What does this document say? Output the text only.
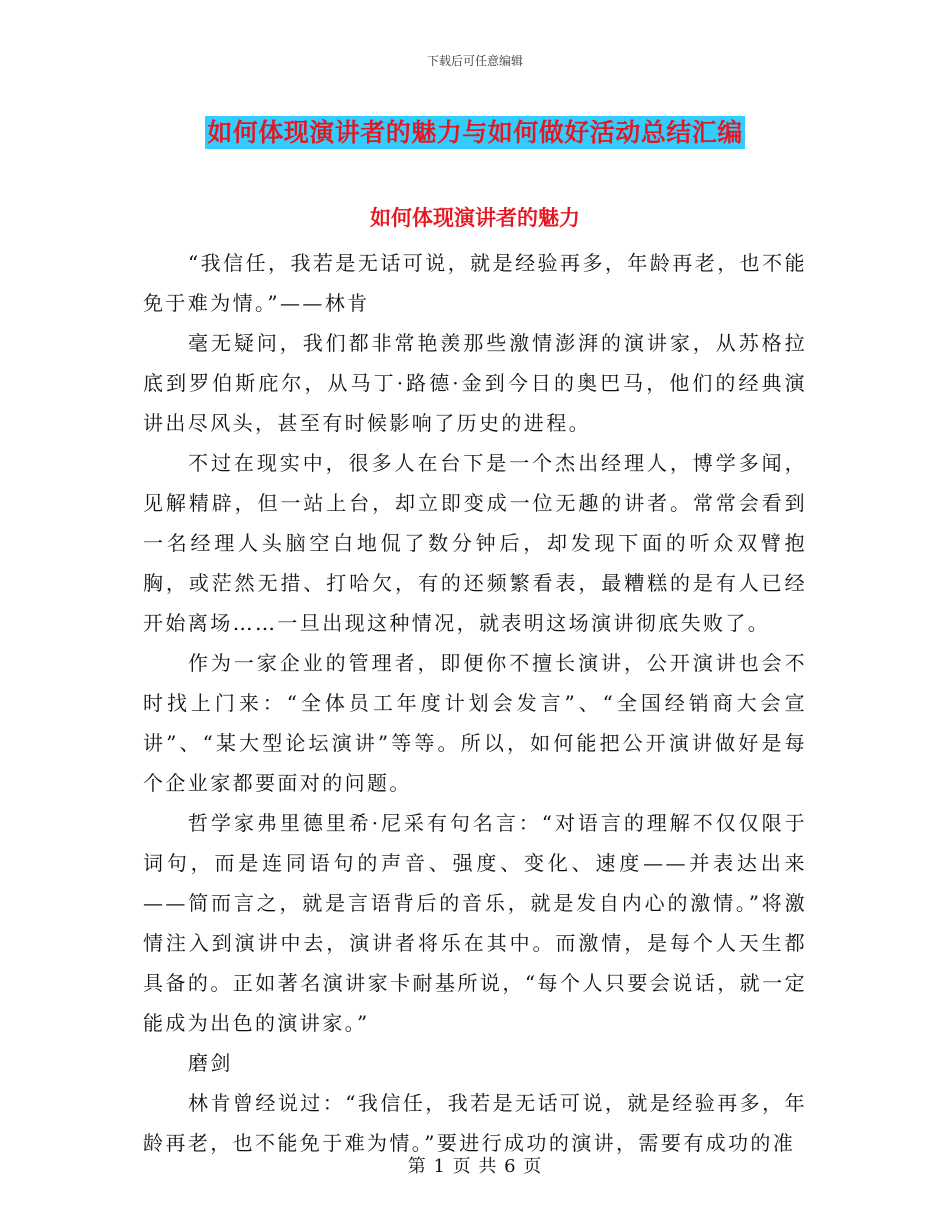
下载后可任意编辑
如何体现演讲者的魅力与如何做好活动总结汇编
如何体现演讲者的魅力

“我信任，我若是无话可说，就是经验再多，年龄再老，也不能免于难为情。”——林肯

毫无疑问，我们都非常艳羡那些激情澎湃的演讲家，从苏格拉底到罗伯斯庇尔，从马丁·路德·金到今日的奥巴马，他们的经典演讲出尽风头，甚至有时候影响了历史的进程。

不过在现实中，很多人在台下是一个杰出经理人，博学多闻，见解精辟，但一站上台，却立即变成一位无趣的讲者。常常会看到一名经理人头脑空白地侃了数分钟后，却发现下面的听众双臂抱胸，或茫然无措、打哈欠，有的还频繁看表，最糟糕的是有人已经开始离场……一旦出现这种情况，就表明这场演讲彻底失败了。

作为一家企业的管理者，即便你不擅长演讲，公开演讲也会不时找上门来：“全体员工年度计划会发言”、“全国经销商大会宣讲”、“某大型论坛演讲”等等。所以，如何能把公开演讲做好是每个企业家都要面对的问题。

哲学家弗里德里希·尼采有句名言：“对语言的理解不仅仅限于词句，而是连同语句的声音、强度、变化、速度——并表达出来——简而言之，就是言语背后的音乐，就是发自内心的激情。”将激情注入到演讲中去，演讲者将乐在其中。而激情，是每个人天生都具备的。正如著名演讲家卡耐基所说，“每个人只要会说话，就一定能成为出色的演讲家。”

磨剑

林肯曾经说过：“我信任，我若是无话可说，就是经验再多，年龄再老，也不能免于难为情。”要进行成功的演讲，需要有成功的准

第 1 页 共 6 页
